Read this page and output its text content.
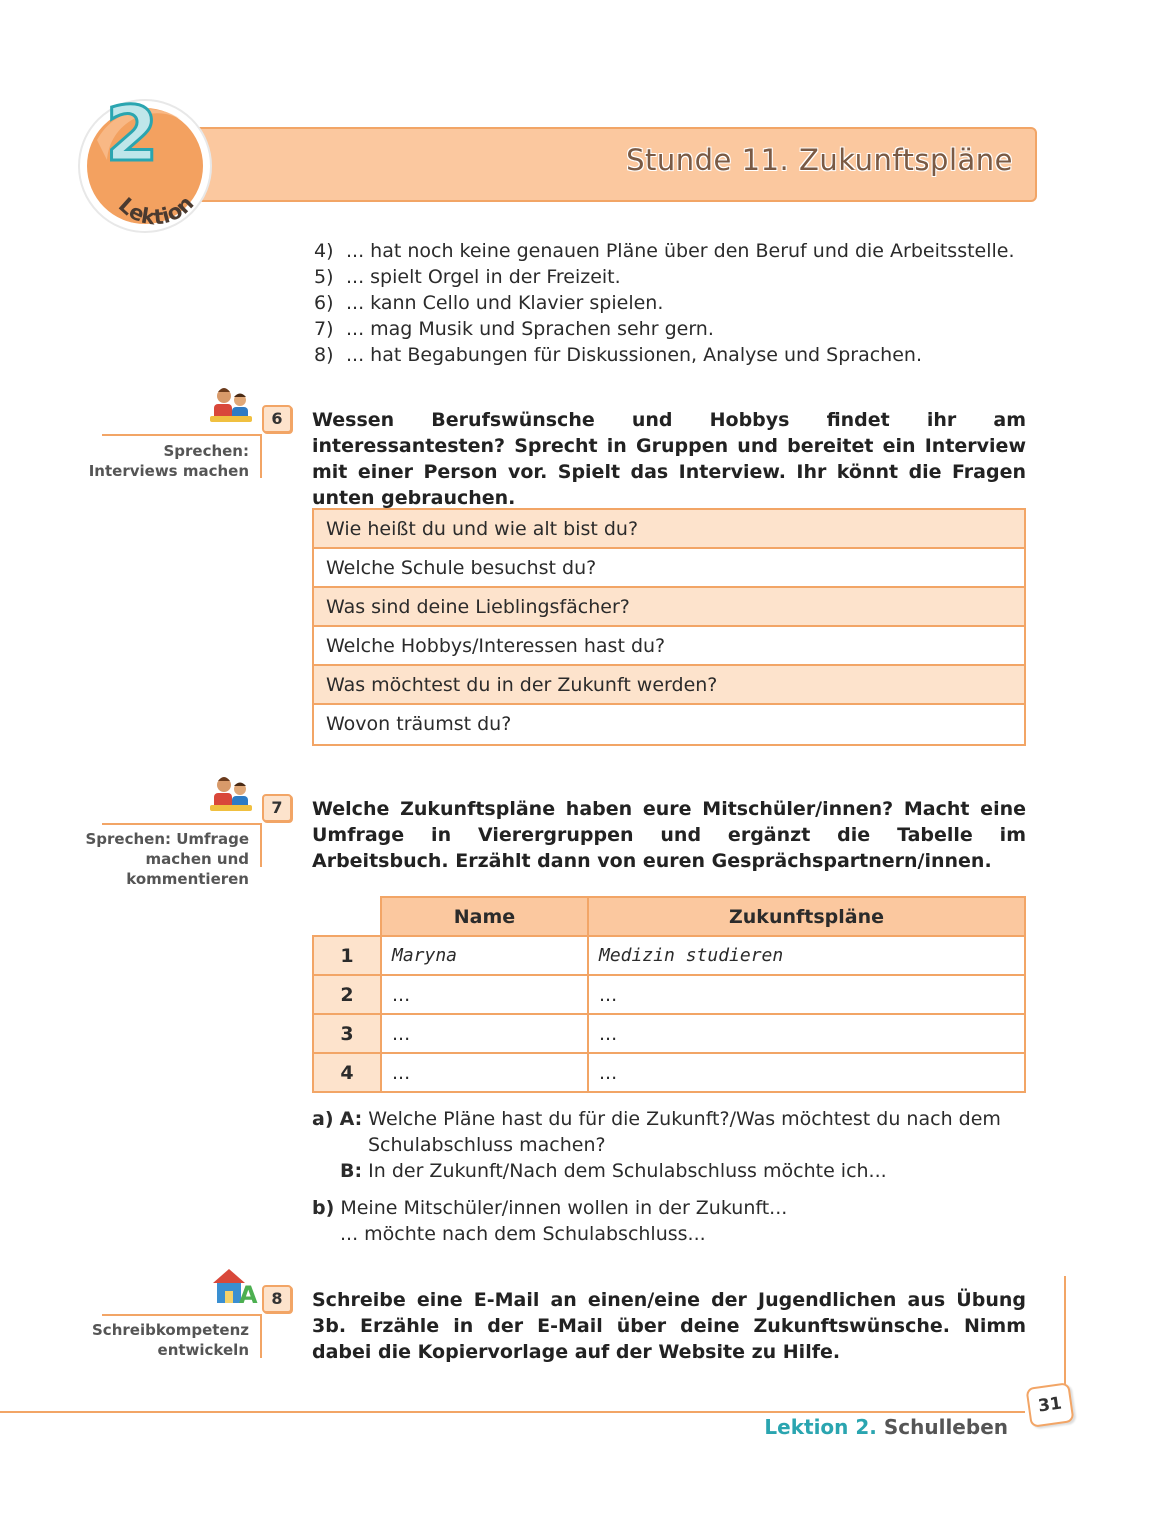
Stunde 11. Zukunftspläne
2
Lektion
4) ... hat noch keine genauen Pläne über den Beruf und die Arbeitsstelle.
5) ... spielt Orgel in der Freizeit.
6) ... kann Cello und Klavier spielen.
7) ... mag Musik und Sprachen sehr gern.
8) ... hat Begabungen für Diskussionen, Analyse und Sprachen.
6
Sprechen:
Interviews machen
Wessen Berufswünsche und Hobbys findet ihr am interessantesten? Sprecht in Gruppen und bereitet ein Interview mit einer Person vor. Spielt das Interview. Ihr könnt die Fragen unten gebrauchen.
Wie heißt du und wie alt bist du?
Welche Schule besuchst du?
Was sind deine Lieblingsfächer?
Welche Hobbys/Interessen hast du?
Was möchtest du in der Zukunft werden?
Wovon träumst du?
7
Sprechen: Umfrage
machen und
kommentieren
Welche Zukunftspläne haben eure Mitschüler/innen? Macht eine Umfrage in Vierergruppen und ergänzt die Tabelle im Arbeitsbuch. Erzählt dann von euren Gesprächspartnern/innen.
	Name	Zukunftspläne
1	Maryna	Medizin studieren
2	...	...
3	...	...
4	...	...
a) A: Welche Pläne hast du für die Zukunft?/Was möchtest du nach dem
Schulabschluss machen?
B: In der Zukunft/Nach dem Schulabschluss möchte ich...
b) Meine Mitschüler/innen wollen in der Zukunft...
... möchte nach dem Schulabschluss...
A 8
Schreibkompetenz
entwickeln
Schreibe eine E-Mail an einen/eine der Jugendlichen aus Übung 3b. Erzähle in der E-Mail über deine Zukunftswünsche. Nimm dabei die Kopiervorlage auf der Website zu Hilfe.
31
Lektion 2. Schulleben
